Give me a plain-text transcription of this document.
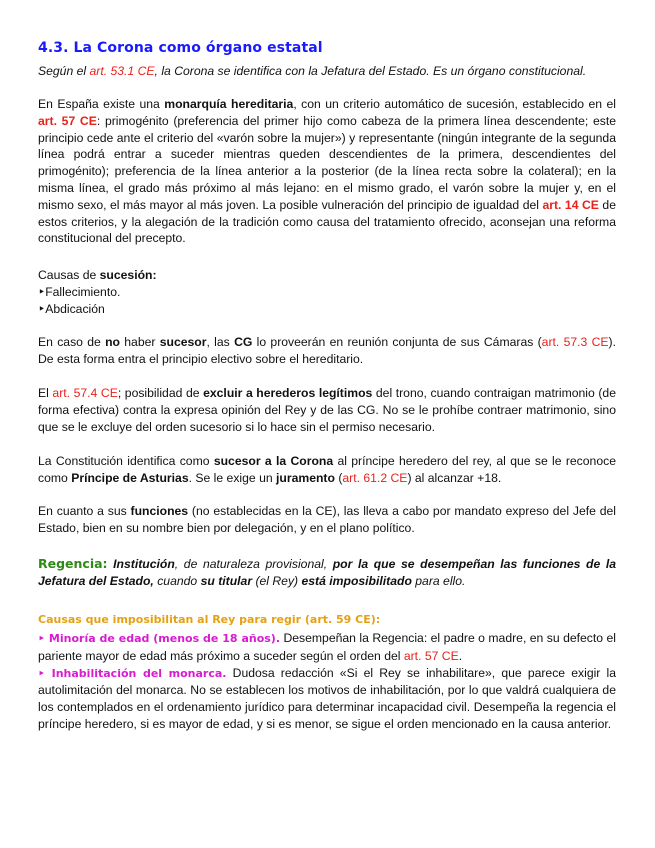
4.3. La Corona como órgano estatal

Según el art. 53.1 CE, la Corona se identifica con la Jefatura del Estado. Es un órgano constitucional.

En España existe una monarquía hereditaria, con un criterio automático de sucesión, establecido en el art. 57 CE: primogénito (preferencia del primer hijo como cabeza de la primera línea descendente; este principio cede ante el criterio del «varón sobre la mujer») y representante (ningún integrante de la segunda línea podrá entrar a suceder mientras queden descendientes de la primera, descendientes del primogénito); preferencia de la línea anterior a la posterior (de la línea recta sobre la colateral); en la misma línea, el grado más próximo al más lejano: en el mismo grado, el varón sobre la mujer y, en el mismo sexo, el más mayor al más joven. La posible vulneración del principio de igualdad del art. 14 CE de estos criterios, y la alegación de la tradición como causa del tratamiento ofrecido, aconsejan una reforma constitucional del precepto.

Causas de sucesión:

‣Fallecimiento.

‣Abdicación

En caso de no haber sucesor, las CG lo proveerán en reunión conjunta de sus Cámaras (art. 57.3 CE). De esta forma entra el principio electivo sobre el hereditario.

El art. 57.4 CE; posibilidad de excluir a herederos legítimos del trono, cuando contraigan matrimonio (de forma efectiva) contra la expresa opinión del Rey y de las CG. No se le prohíbe contraer matrimonio, sino que se le excluye del orden sucesorio si lo hace sin el permiso necesario.

La Constitución identifica como sucesor a la Corona al príncipe heredero del rey, al que se le reconoce como Príncipe de Asturias. Se le exige un juramento (art. 61.2 CE) al alcanzar +18.

En cuanto a sus funciones (no establecidas en la CE), las lleva a cabo por mandato expreso del Jefe del Estado, bien en su nombre bien por delegación, y en el plano político.

Regencia: Institución, de naturaleza provisional, por la que se desempeñan las funciones de la Jefatura del Estado, cuando su titular (el Rey) está imposibilitado para ello.

Causas que imposibilitan al Rey para regir (art. 59 CE):

‣ Minoría de edad (menos de 18 años). Desempeñan la Regencia: el padre o madre, en su defecto el pariente mayor de edad más próximo a suceder según el orden del art. 57 CE.

‣ Inhabilitación del monarca. Dudosa redacción «Si el Rey se inhabilitare», que parece exigir la autolimitación del monarca. No se establecen los motivos de inhabilitación, por lo que valdrá cualquiera de los contemplados en el ordenamiento jurídico para determinar incapacidad civil. Desempeña la regencia el príncipe heredero, si es mayor de edad, y si es menor, se sigue el orden mencionado en la causa anterior.
